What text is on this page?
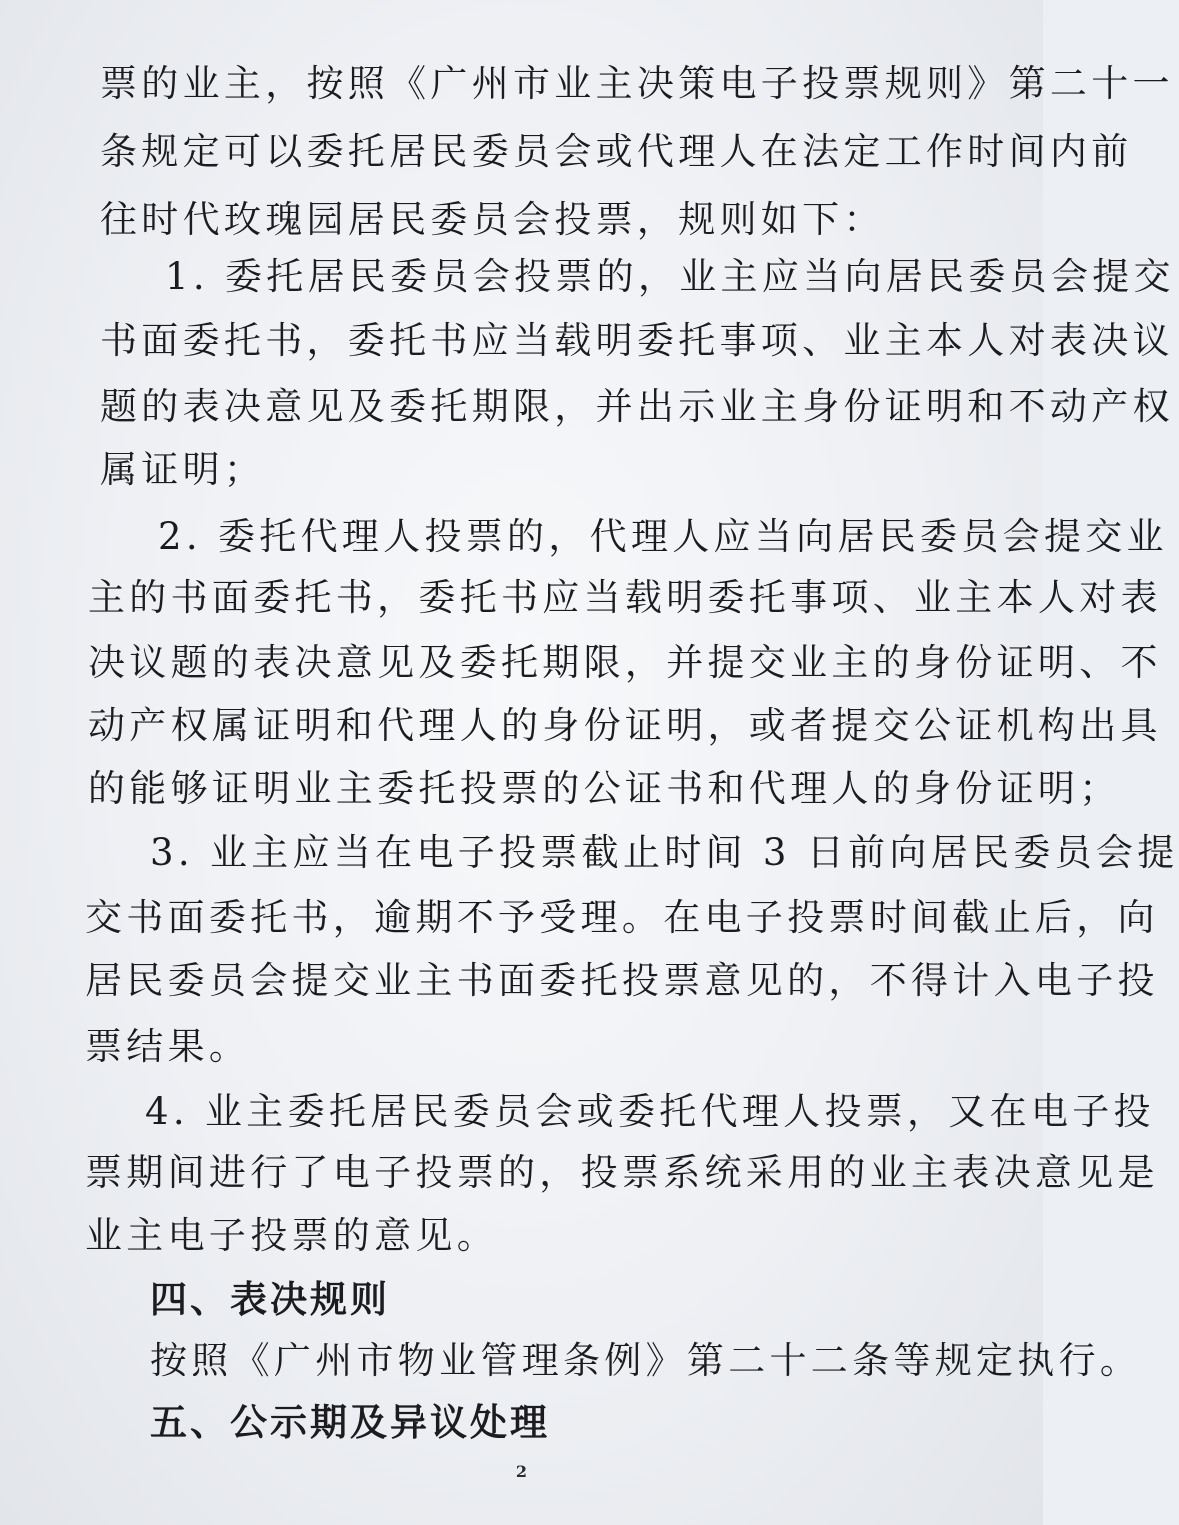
票的业主，按照《广州市业主决策电子投票规则》第二十一
条规定可以委托居民委员会或代理人在法定工作时间内前
往时代玫瑰园居民委员会投票，规则如下：
1. 委托居民委员会投票的，业主应当向居民委员会提交
书面委托书，委托书应当载明委托事项、业主本人对表决议
题的表决意见及委托期限，并出示业主身份证明和不动产权
属证明；
2. 委托代理人投票的，代理人应当向居民委员会提交业
主的书面委托书，委托书应当载明委托事项、业主本人对表
决议题的表决意见及委托期限，并提交业主的身份证明、不
动产权属证明和代理人的身份证明，或者提交公证机构出具
的能够证明业主委托投票的公证书和代理人的身份证明；
3. 业主应当在电子投票截止时间 3 日前向居民委员会提
交书面委托书，逾期不予受理。在电子投票时间截止后，向
居民委员会提交业主书面委托投票意见的，不得计入电子投
票结果。
4. 业主委托居民委员会或委托代理人投票，又在电子投
票期间进行了电子投票的，投票系统采用的业主表决意见是
业主电子投票的意见。
四、表决规则
按照《广州市物业管理条例》第二十二条等规定执行。
五、公示期及异议处理
2
